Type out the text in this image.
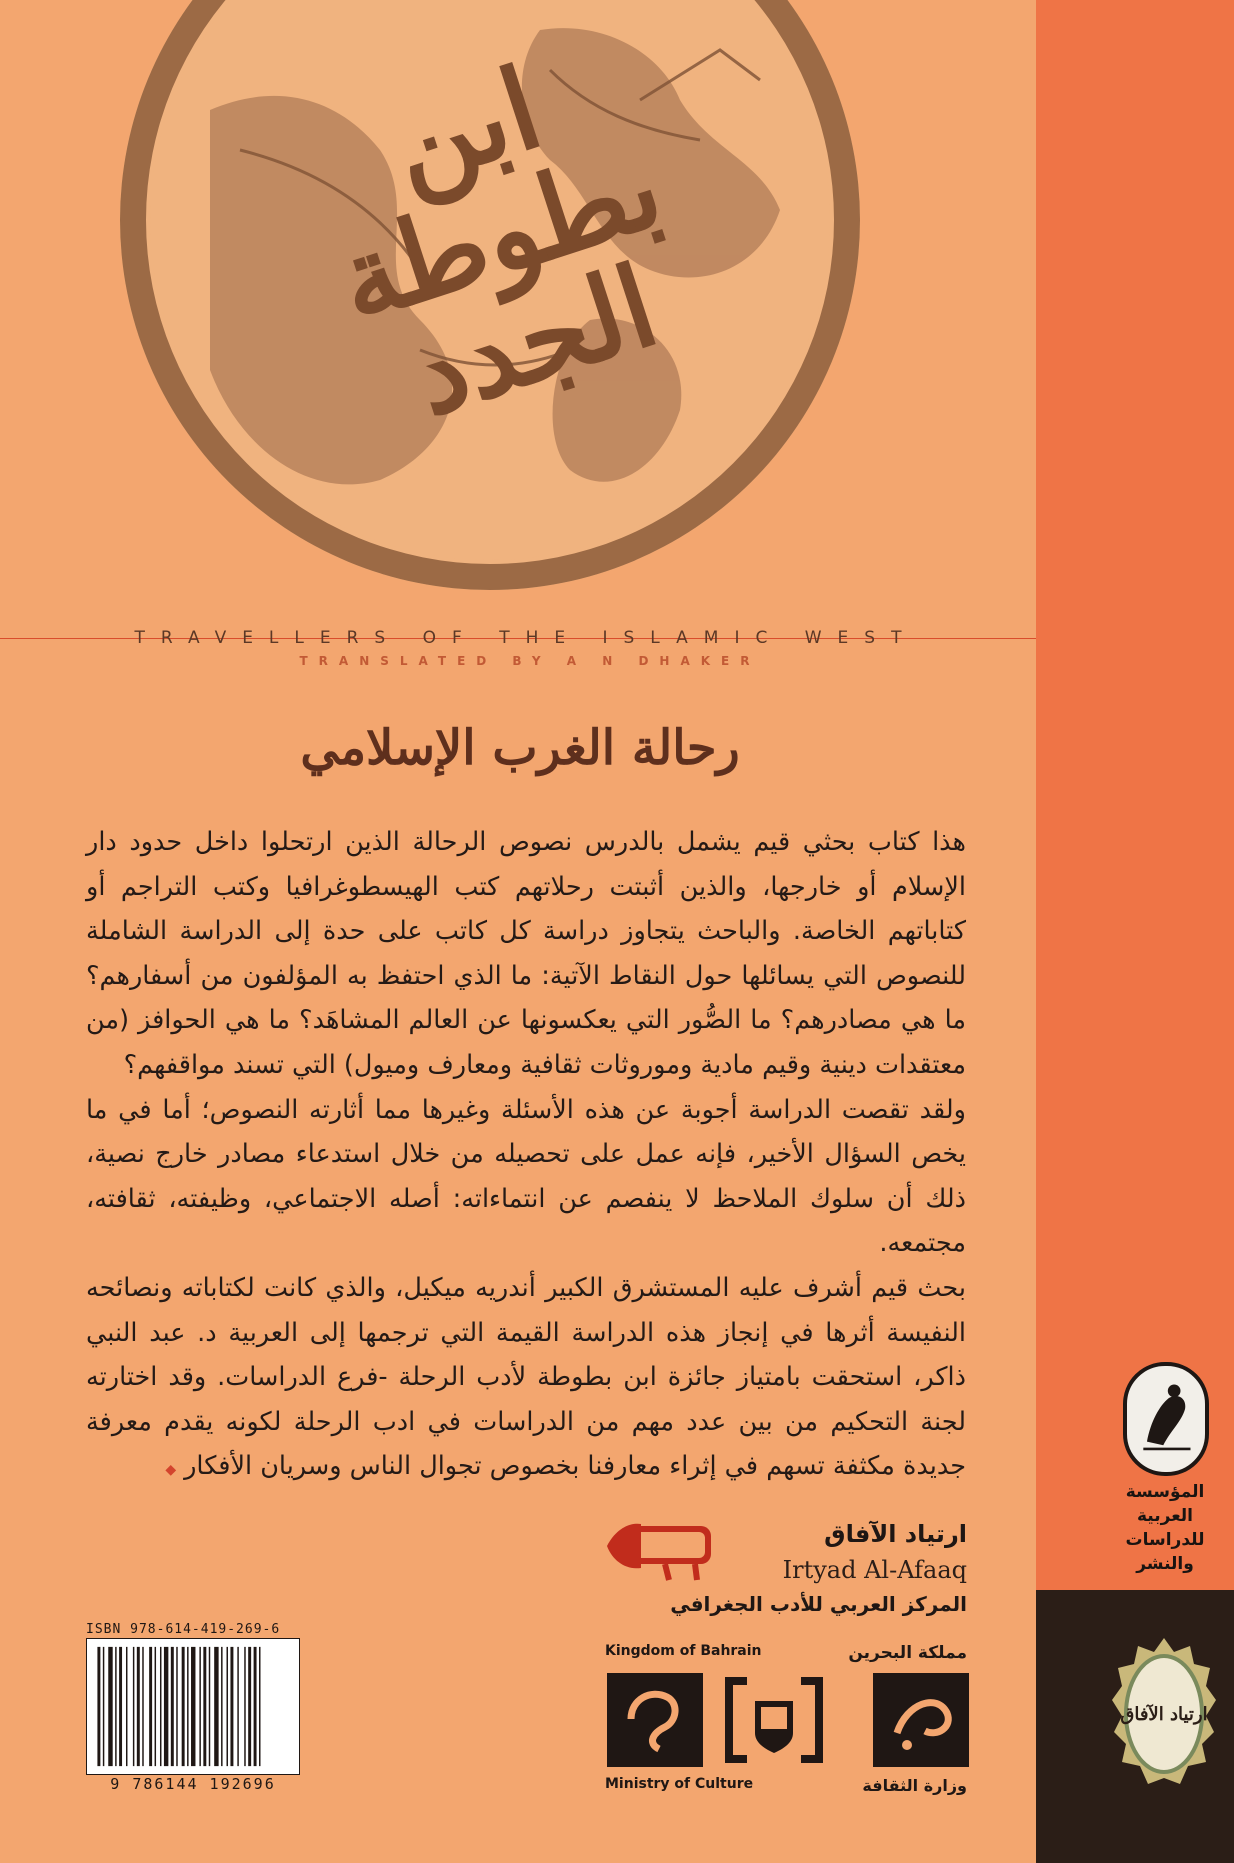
ابن بطوطة الجدد
TRAVELLERS OF THE ISLAMIC WEST
TRANSLATED BY A N DHAKER
رحالة الغرب الإسلامي

هذا كتاب بحثي قيم يشمل بالدرس نصوص الرحالة الذين ارتحلوا داخل حدود دار الإسلام أو خارجها، والذين أثبتت رحلاتهم كتب الهيسطوغرافيا وكتب التراجم أو كتاباتهم الخاصة. والباحث يتجاوز دراسة كل كاتب على حدة إلى الدراسة الشاملة للنصوص التي يسائلها حول النقاط الآتية: ما الذي احتفظ به المؤلفون من أسفارهم؟ ما هي مصادرهم؟ ما الصُّور التي يعكسونها عن العالم المشاهَد؟ ما هي الحوافز (من معتقدات دينية وقيم مادية وموروثات ثقافية ومعارف وميول) التي تسند مواقفهم؟

ولقد تقصت الدراسة أجوبة عن هذه الأسئلة وغيرها مما أثارته النصوص؛ أما في ما يخص السؤال الأخير، فإنه عمل على تحصيله من خلال استدعاء مصادر خارج نصية، ذلك أن سلوك الملاحظ لا ينفصم عن انتماءاته: أصله الاجتماعي، وظيفته، ثقافته، مجتمعه.

بحث قيم أشرف عليه المستشرق الكبير أندريه ميكيل، والذي كانت لكتاباته ونصائحه النفيسة أثرها في إنجاز هذه الدراسة القيمة التي ترجمها إلى العربية د. عبد النبي ذاكر، استحقت بامتياز جائزة ابن بطوطة لأدب الرحلة -فرع الدراسات. وقد اختارته لجنة التحكيم من بين عدد مهم من الدراسات في ادب الرحلة لكونه يقدم معرفة جديدة مكثفة تسهم في إثراء معارفنا بخصوص تجوال الناس وسريان الأفكار◆

المؤسسة
العربية
للدراسات
والنشر
ارتياد الآفاق
ارتياد الآفاق
Irtyad Al-Afaaq
المركز العربي للأدب الجغرافي
ISBN 978-614-419-269-6
9 786144 192696
Kingdom of Bahrain	مملكة البحرين
Ministry of Culture	وزارة الثقافة
